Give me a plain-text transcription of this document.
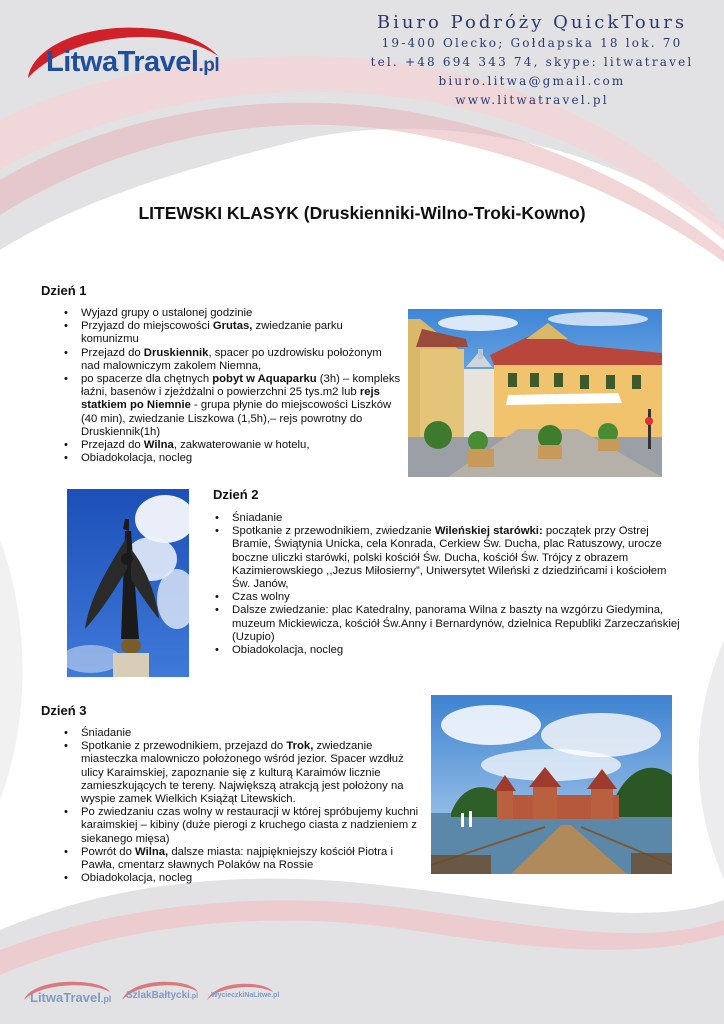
LitwaTravel.pl
Biuro Podróży QuickTours
19-400 Olecko; Gołdapska 18 lok. 70
tel. +48 694 343 74, skype: litwatravel
biuro.litwa@gmail.com
www.litwatravel.pl
LITEWSKI KLASYK (Druskienniki-Wilno-Troki-Kowno)
Dzień 1
• Wyjazd grupy o ustalonej godzinie
• Przyjazd do miejscowości Grutas, zwiedzanie parku komunizmu
• Przejazd do Druskiennik, spacer po uzdrowisku położonym nad malowniczym zakolem Niemna,
• po spacerze dla chętnych pobyt w Aquaparku (3h) – kompleks łaźni, basenów i zjeżdżalni o powierzchni 25 tys.m2 lub rejs statkiem po Niemnie - grupa płynie do miejscowości Liszków (40 min), zwiedzanie Liszkowa (1,5h),– rejs powrotny do Druskiennik(1h)
• Przejazd do Wilna, zakwaterowanie w hotelu,
• Obiadokolacja, nocleg
Dzień 2
• Śniadanie
• Spotkanie z przewodnikiem, zwiedzanie Wileńskiej starówki: początek przy Ostrej Bramie, Świątynia Unicka, cela Konrada, Cerkiew Św. Ducha, plac Ratuszowy, urocze boczne uliczki starówki, polski kościół Św. Ducha, kościół Św. Trójcy z obrazem Kazimierowskiego ,,Jezus Miłosierny”, Uniwersytet Wileński z dziedzińcami i kościołem Św. Janów,
• Czas wolny
• Dalsze zwiedzanie: plac Katedralny, panorama Wilna z baszty na wzgórzu Giedymina, muzeum Mickiewicza, kościół Św.Anny i Bernardynów, dzielnica Republiki Zarzeczańskiej (Uzupio)
• Obiadokolacja, nocleg
Dzień 3
• Śniadanie
• Spotkanie z przewodnikiem, przejazd do Trok, zwiedzanie miasteczka malowniczo położonego wśród jezior. Spacer wzdłuż ulicy Karaimskiej, zapoznanie się z kulturą Karaimów licznie zamieszkujących te tereny. Największą atrakcją jest położony na wyspie zamek Wielkich Książąt Litewskich.
• Po zwiedzaniu czas wolny w restauracji w której spróbujemy kuchni karaimskiej – kibiny (duże pierogi z kruchego ciasta z nadzieniem z siekanego mięsa)
• Powrót do Wilna, dalsze miasta: najpiękniejszy kościół Piotra i Pawła, cmentarz sławnych Polaków na Rossie
• Obiadokolacja, nocleg
LitwaTravel.pl SzlakBałtycki.pl WycieczkiNaLitwe.pl
